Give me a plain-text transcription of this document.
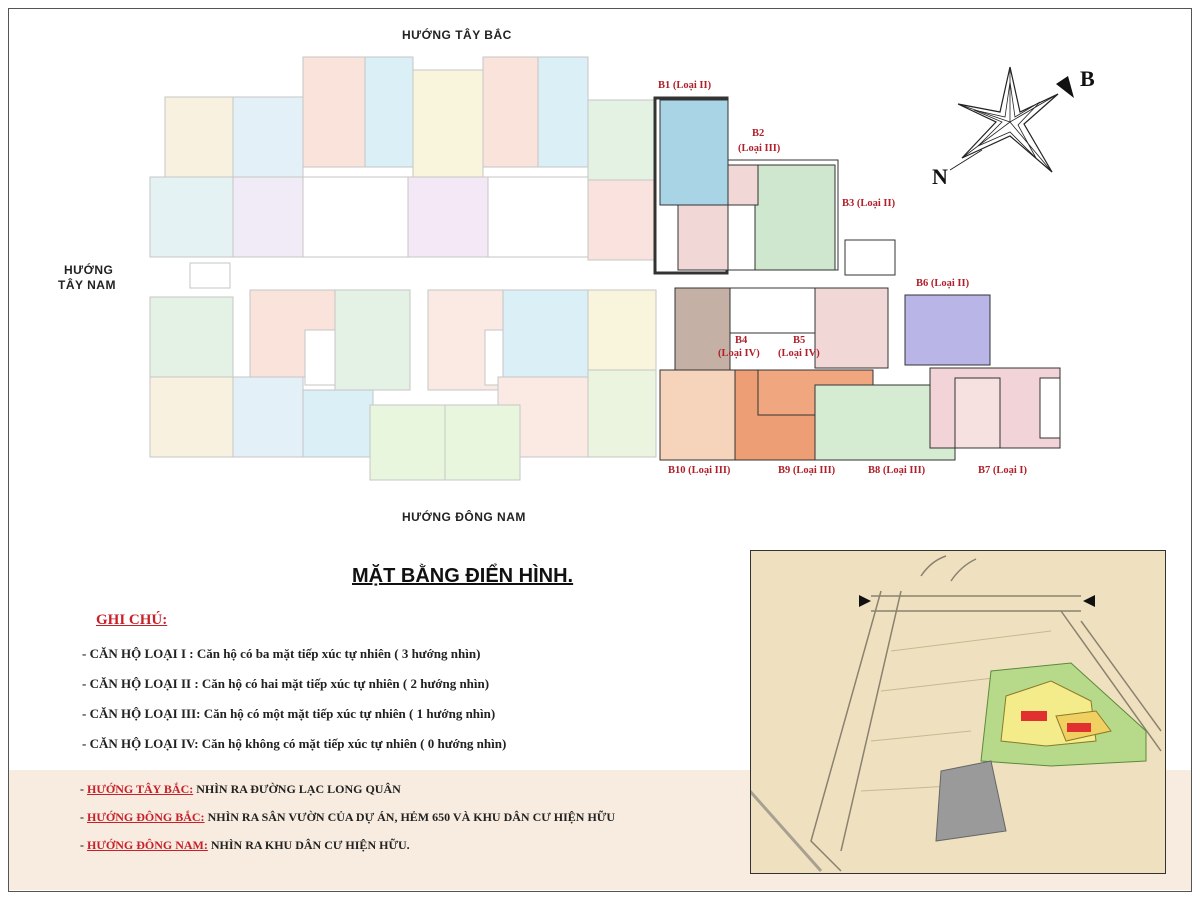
HƯỚNG TÂY BẮC
HƯỚNG
TÂY NAM
HƯỚNG ĐÔNG NAM
B1 (Loại II)
B2
(Loại III)
B3 (Loại II)
B4
(Loại IV)
B5
(Loại IV)
B6 (Loại II)
B7 (Loại I)
B8 (Loại III)
B9 (Loại III)
B10 (Loại III)
B
N
MẶT BẰNG ĐIỂN HÌNH.
GHI CHÚ:
- CĂN HỘ LOẠI I : Căn hộ có ba mặt tiếp xúc tự nhiên ( 3 hướng nhìn)
- CĂN HỘ LOẠI II : Căn hộ có hai mặt tiếp xúc tự nhiên ( 2 hướng nhìn)
- CĂN HỘ LOẠI III: Căn hộ có một mặt tiếp xúc tự nhiên ( 1 hướng nhìn)
- CĂN HỘ LOẠI IV: Căn hộ không có mặt tiếp xúc tự nhiên ( 0 hướng nhìn)
- HƯỚNG TÂY BẮC: NHÌN RA ĐƯỜNG LẠC LONG QUÂN
- HƯỚNG ĐÔNG BẮC: NHÌN RA SÂN VƯỜN CỦA DỰ ÁN, HẺM 650 VÀ KHU DÂN CƯ HIỆN HỮU
- HƯỚNG ĐÔNG NAM: NHÌN RA KHU DÂN CƯ HIỆN HỮU.
